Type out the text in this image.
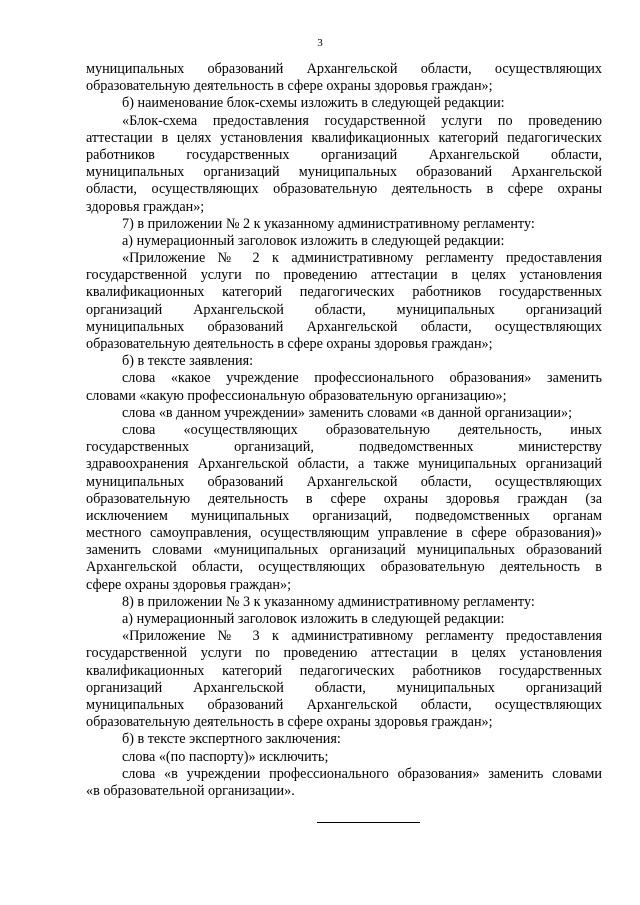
3
муниципальных образований Архангельской области, осуществляющих
образовательную деятельность в сфере охраны здоровья граждан»;
б) наименование блок-схемы изложить в следующей редакции:
«Блок-схема предоставления государственной услуги по проведению
аттестации в целях установления квалификационных категорий педагогических
работников государственных организаций Архангельской области,
муниципальных организаций муниципальных образований Архангельской
области, осуществляющих образовательную деятельность в сфере охраны
здоровья граждан»;
7) в приложении № 2 к указанному административному регламенту:
а) нумерационный заголовок изложить в следующей редакции:
«Приложение № 2 к административному регламенту предоставления
государственной услуги по проведению аттестации в целях установления
квалификационных категорий педагогических работников государственных
организаций Архангельской области, муниципальных организаций
муниципальных образований Архангельской области, осуществляющих
образовательную деятельность в сфере охраны здоровья граждан»;
б) в тексте заявления:
слова «какое учреждение профессионального образования» заменить
словами «какую профессиональную образовательную организацию»;
слова «в данном учреждении» заменить словами «в данной организации»;
слова «осуществляющих образовательную деятельность, иных
государственных организаций, подведомственных министерству
здравоохранения Архангельской области, а также муниципальных организаций
муниципальных образований Архангельской области, осуществляющих
образовательную деятельность в сфере охраны здоровья граждан (за
исключением муниципальных организаций, подведомственных органам
местного самоуправления, осуществляющим управление в сфере образования)»
заменить словами «муниципальных организаций муниципальных образований
Архангельской области, осуществляющих образовательную деятельность в
сфере охраны здоровья граждан»;
8) в приложении № 3 к указанному административному регламенту:
а) нумерационный заголовок изложить в следующей редакции:
«Приложение № 3 к административному регламенту предоставления
государственной услуги по проведению аттестации в целях установления
квалификационных категорий педагогических работников государственных
организаций Архангельской области, муниципальных организаций
муниципальных образований Архангельской области, осуществляющих
образовательную деятельность в сфере охраны здоровья граждан»;
б) в тексте экспертного заключения:
слова «(по паспорту)» исключить;
слова «в учреждении профессионального образования» заменить словами
«в образовательной организации».
